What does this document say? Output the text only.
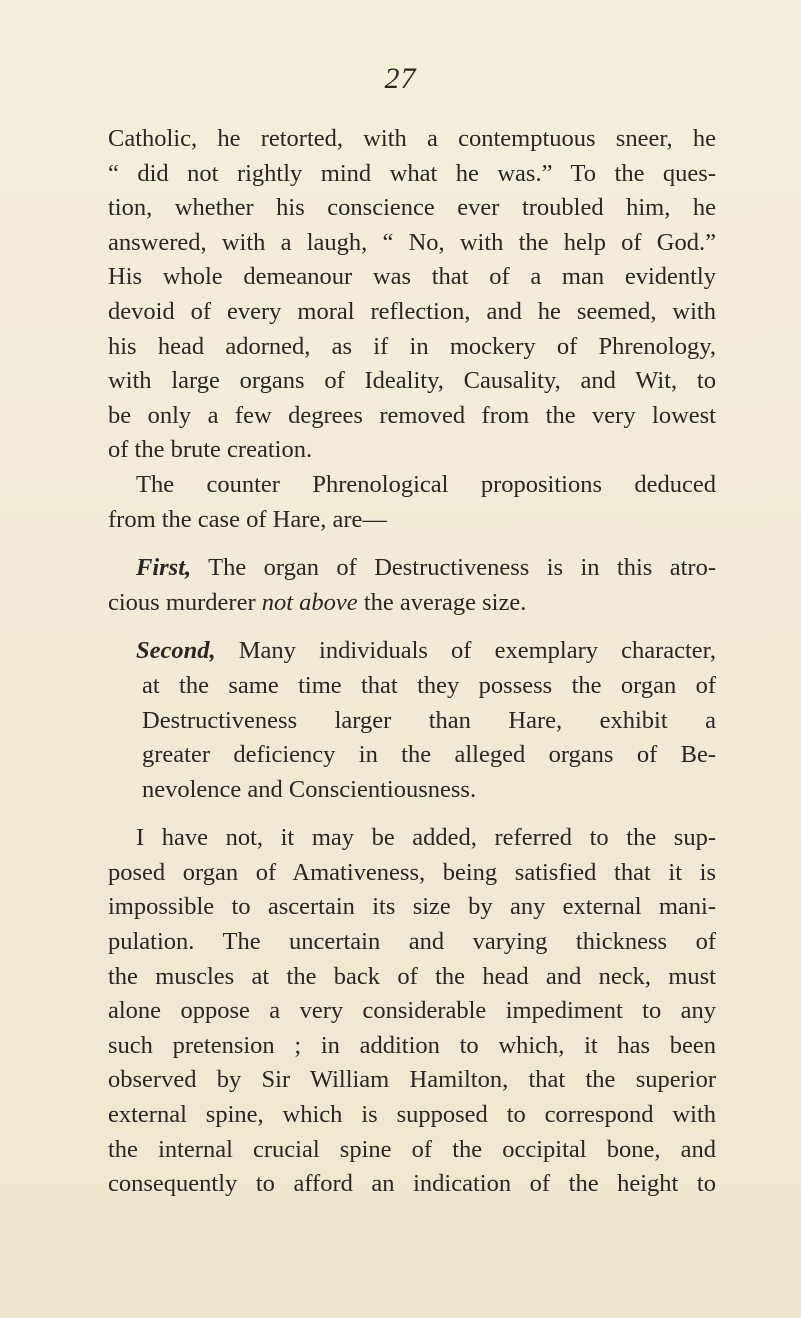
27
Catholic, he retorted, with a contemptuous sneer, he
“ did not rightly mind what he was.” To the ques-
tion, whether his conscience ever troubled him, he
answered, with a laugh, “ No, with the help of God.”
His whole demeanour was that of a man evidently
devoid of every moral reflection, and he seemed, with
his head adorned, as if in mockery of Phrenology,
with large organs of Ideality, Causality, and Wit, to
be only a few degrees removed from the very lowest
of the brute creation.
The counter Phrenological propositions deduced
from the case of Hare, are—
First, The organ of Destructiveness is in this atro-
cious murderer not above the average size.
Second, Many individuals of exemplary character,
at the same time that they possess the organ of
Destructiveness larger than Hare, exhibit a
greater deficiency in the alleged organs of Be-
nevolence and Conscientiousness.
I have not, it may be added, referred to the sup-
posed organ of Amativeness, being satisfied that it is
impossible to ascertain its size by any external mani-
pulation. The uncertain and varying thickness of
the muscles at the back of the head and neck, must
alone oppose a very considerable impediment to any
such pretension ; in addition to which, it has been
observed by Sir William Hamilton, that the superior
external spine, which is supposed to correspond with
the internal crucial spine of the occipital bone, and
consequently to afford an indication of the height to
